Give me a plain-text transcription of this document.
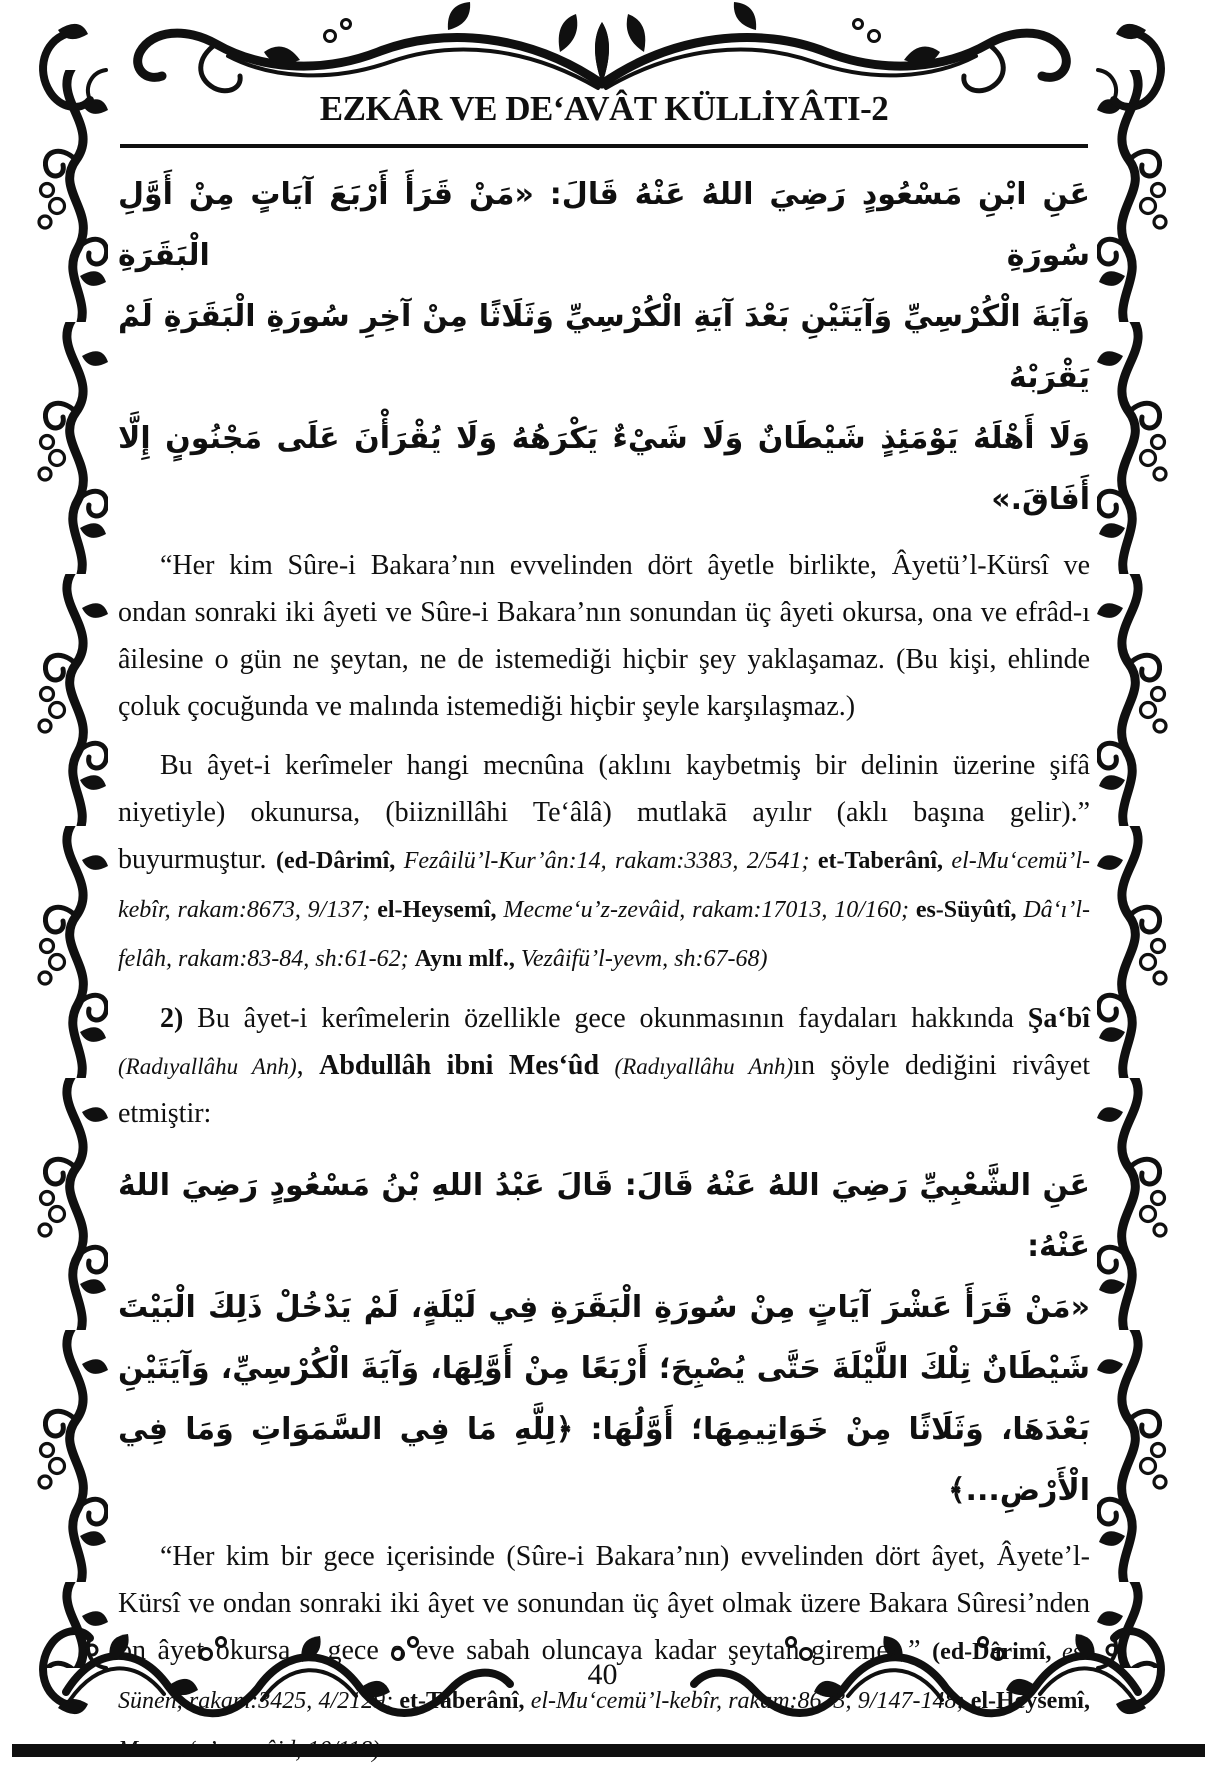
EZKÂR VE DE‘AVÂT KÜLLİYÂTI-2
عَنِ ابْنِ مَسْعُودٍ رَضِيَ اللهُ عَنْهُ قَالَ: «مَنْ قَرَأَ أَرْبَعَ آيَاتٍ مِنْ أَوَّلِ سُورَةِ الْبَقَرَةِ
وَآيَةَ الْكُرْسِيِّ وَآيَتَيْنِ بَعْدَ آيَةِ الْكُرْسِيِّ وَثَلَاثًا مِنْ آخِرِ سُورَةِ الْبَقَرَةِ لَمْ يَقْرَبْهُ
وَلَا أَهْلَهُ يَوْمَئِذٍ شَيْطَانٌ وَلَا شَيْءٌ يَكْرَهُهُ وَلَا يُقْرَأْنَ عَلَى مَجْنُونٍ إِلَّا أَفَاقَ.»

“Her kim Sûre-i Bakara’nın evvelinden dört âyetle birlikte, Âyetü’l-Kürsî ve ondan sonraki iki âyeti ve Sûre-i Bakara’nın sonundan üç âyeti okursa, ona ve efrâd-ı âilesine o gün ne şeytan, ne de istemediği hiçbir şey yaklaşamaz. (Bu kişi, ehlinde çoluk çocuğunda ve malında istemediği hiçbir şeyle karşılaşmaz.)

Bu âyet-i kerîmeler hangi mecnûna (aklını kaybetmiş bir delinin üzerine şifâ niyetiyle) okunursa, (biiznillâhi Te‘âlâ) mutlakā ayılır (aklı başına gelir).” buyurmuştur. (ed-Dârimî, Fezâilü’l-Kur’ân:14, rakam:3383, 2/541; et-Taberânî, el-Mu‘cemü’l-kebîr, rakam:8673, 9/137; el-Heysemî, Mecme‘u’z-zevâid, rakam:17013, 10/160; es-Süyûtî, Dâ‘ı’l-felâh, rakam:83-84, sh:61-62; Aynı mlf., Vezâifü’l-yevm, sh:67-68)

2) Bu âyet-i kerîmelerin özellikle gece okunmasının faydaları hakkında Şa‘bî (Radıyallâhu Anh), Abdullâh ibni Mes‘ûd (Radıyallâhu Anh)ın şöyle dediğini rivâyet etmiştir:

عَنِ الشَّعْبِيِّ رَضِيَ اللهُ عَنْهُ قَالَ: قَالَ عَبْدُ اللهِ بْنُ مَسْعُودٍ رَضِيَ اللهُ عَنْهُ:
«مَنْ قَرَأَ عَشْرَ آيَاتٍ مِنْ سُورَةِ الْبَقَرَةِ فِي لَيْلَةٍ، لَمْ يَدْخُلْ ذَلِكَ الْبَيْتَ
شَيْطَانٌ تِلْكَ اللَّيْلَةَ حَتَّى يُصْبِحَ؛ أَرْبَعًا مِنْ أَوَّلِهَا، وَآيَةَ الْكُرْسِيِّ، وَآيَتَيْنِ
بَعْدَهَا، وَثَلَاثًا مِنْ خَوَاتِيمِهَا؛ أَوَّلُهَا: ﴿لِلَّهِ مَا فِي السَّمَوَاتِ وَمَا فِي الْأَرْضِ...﴾

“Her kim bir gece içerisinde (Sûre-i Bakara’nın) evvelinden dört âyet, Âyete’l-Kürsî ve ondan sonraki iki âyet ve sonundan üç âyet olmak üzere Bakara Sûresi’nden on âyet okursa o gece o eve sabah oluncaya kadar şeytan giremez.” (ed-Dârimî, es-Sünen, rakam:3425, 4/2129; et-Taberânî, el-Mu‘cemü’l-kebîr, rakam:8673, 9/147-148; el-Heysemî, Mecma‘u’z-zevâid, 10/118)

40
